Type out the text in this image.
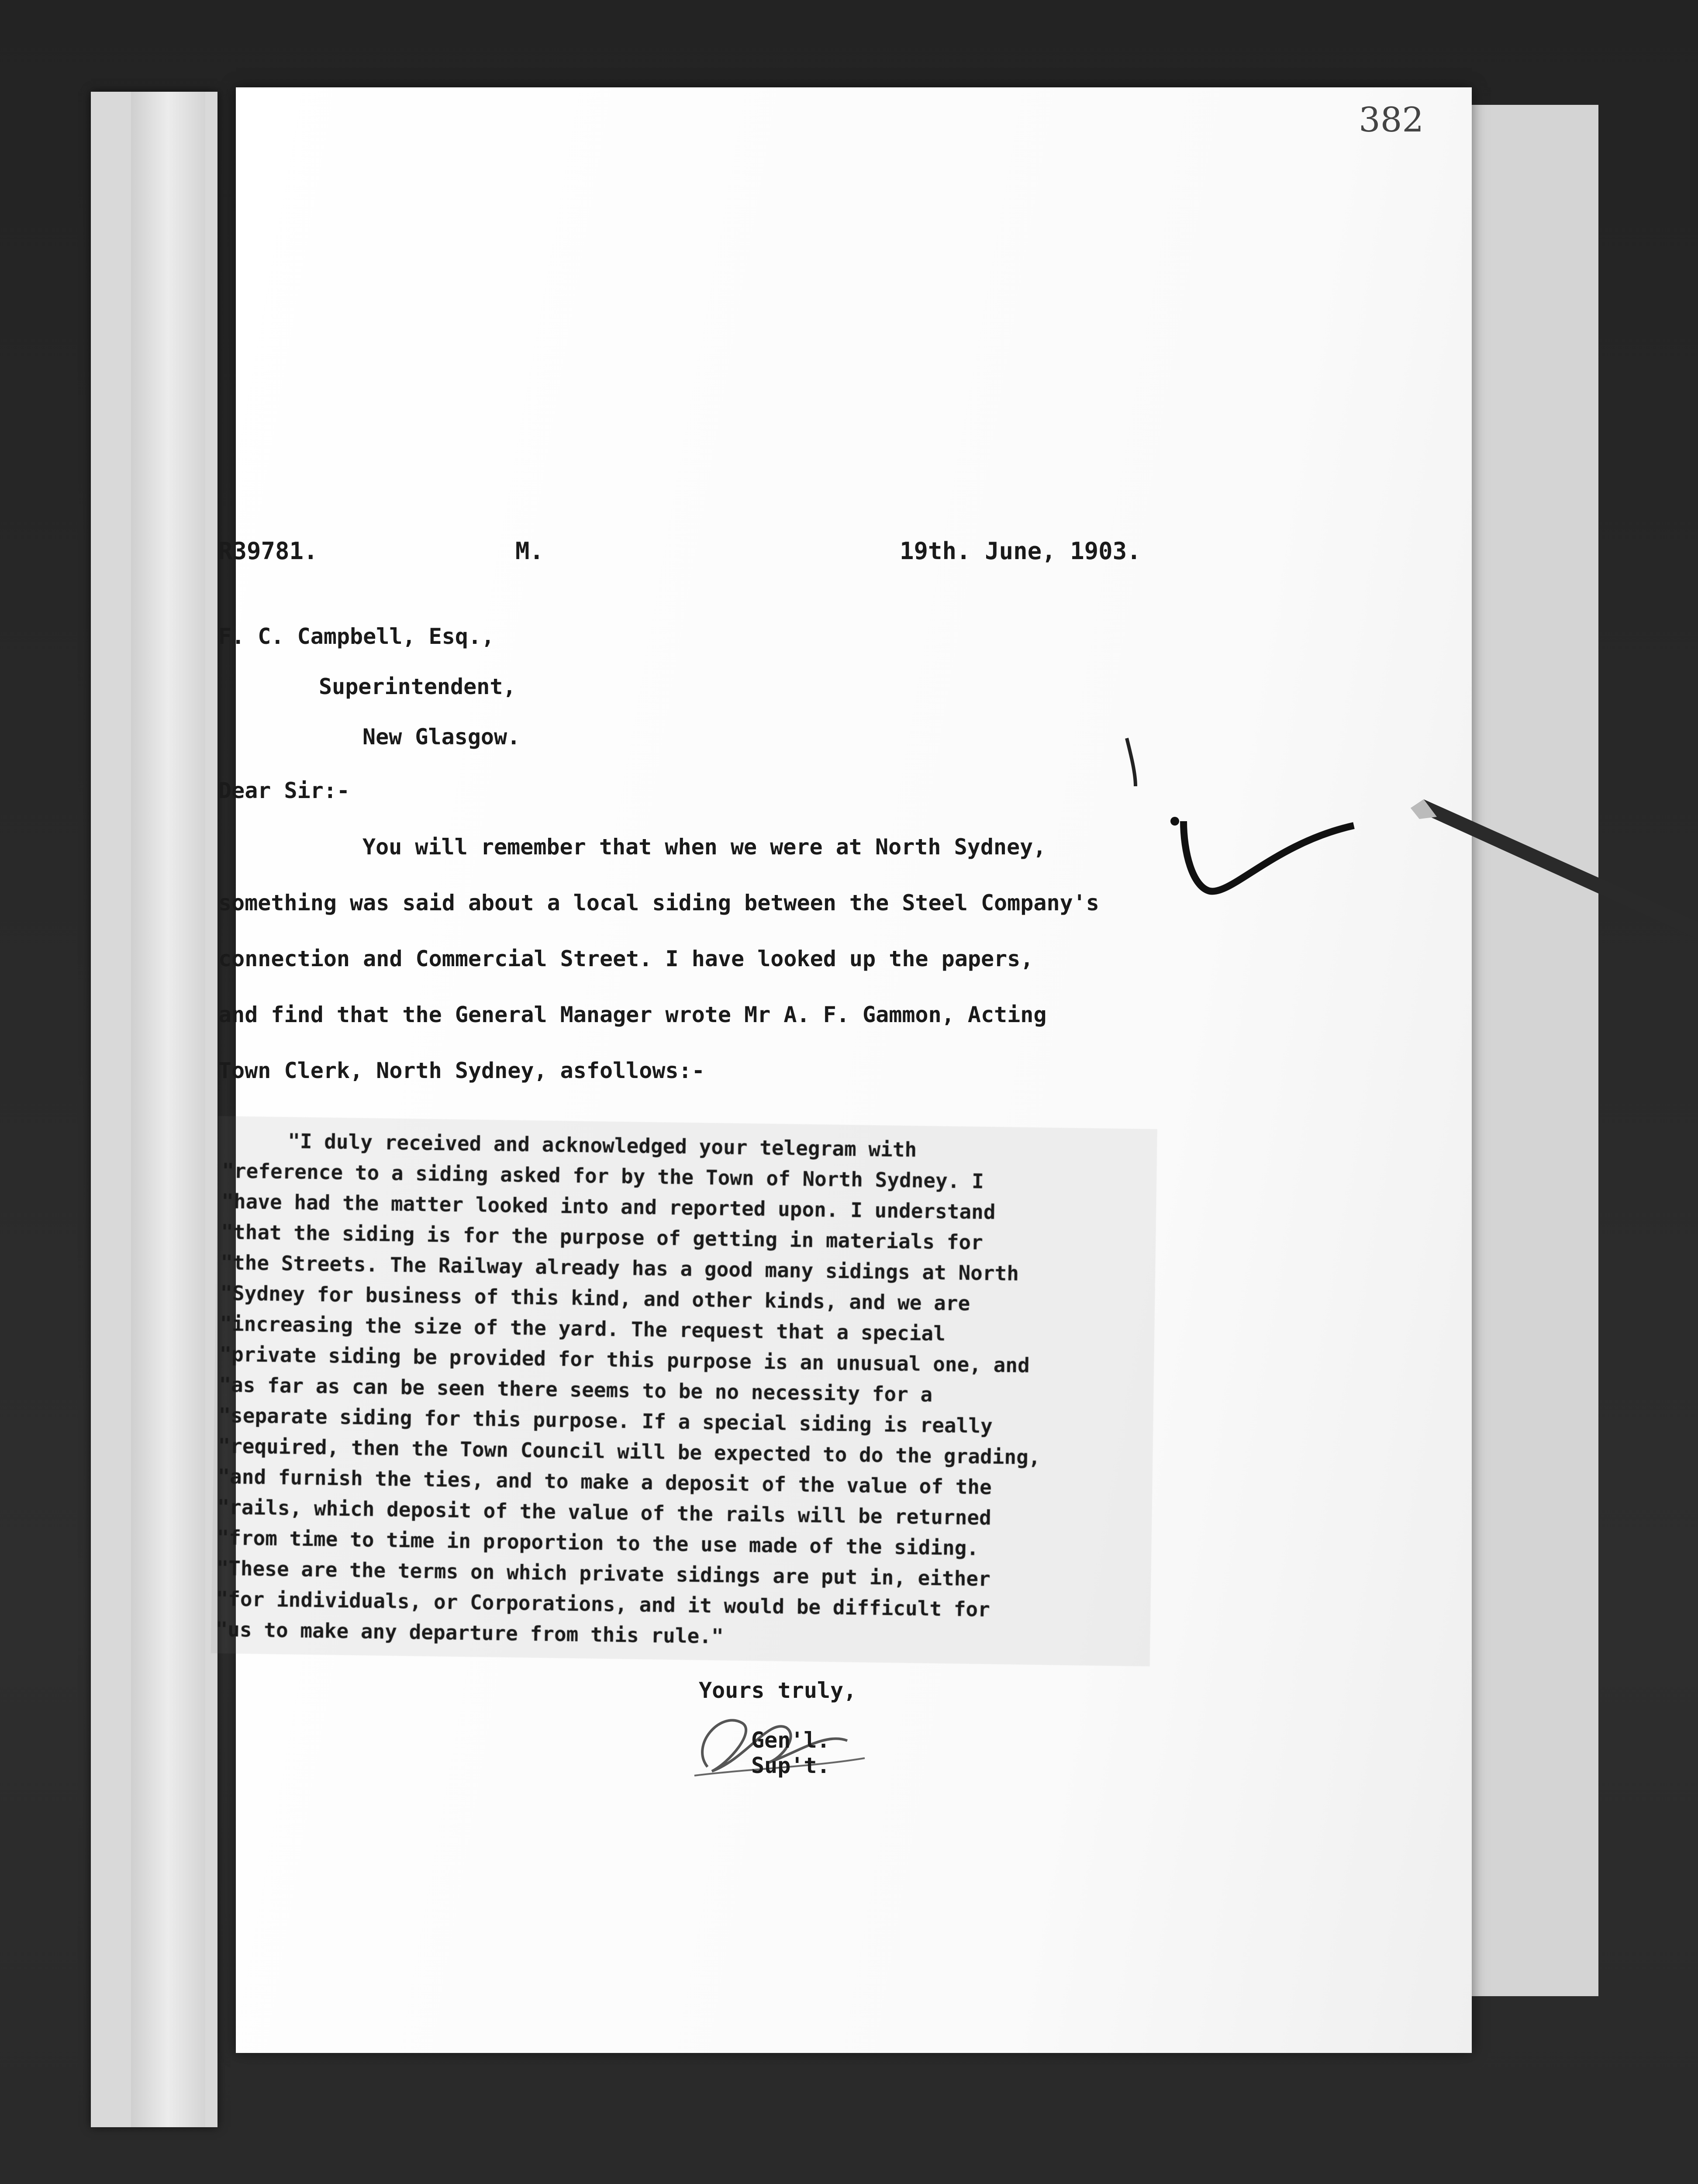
382
R39781.	M.	19th. June, 1903.
F. C. Campbell, Esq.,
Superintendent,
New Glasgow.
Dear Sir:-
You will remember that when we were at North Sydney,
something was said about a local siding between the Steel Company's
connection and Commercial Street. I have looked up the papers,
and find that the General Manager wrote Mr A. F. Gammon, Acting
Town Clerk, North Sydney, asfollows:-
"I duly received and acknowledged your telegram with
"reference to a siding asked for by the Town of North Sydney. I
"have had the matter looked into and reported upon. I understand
"that the siding is for the purpose of getting in materials for
"the Streets. The Railway already has a good many sidings at North
"Sydney for business of this kind, and other kinds, and we are
"increasing the size of the yard. The request that a special
"private siding be provided for this purpose is an unusual one, and
"as far as can be seen there seems to be no necessity for a
"separate siding for this purpose. If a special siding is really
"required, then the Town Council will be expected to do the grading,
"and furnish the ties, and to make a deposit of the value of the
"rails, which deposit of the value of the rails will be returned
"from time to time in proportion to the use made of the siding.
"These are the terms on which private sidings are put in, either
"for individuals, or Corporations, and it would be difficult for
"us to make any departure from this rule."
Yours truly,
Gen'l. Sup't.
